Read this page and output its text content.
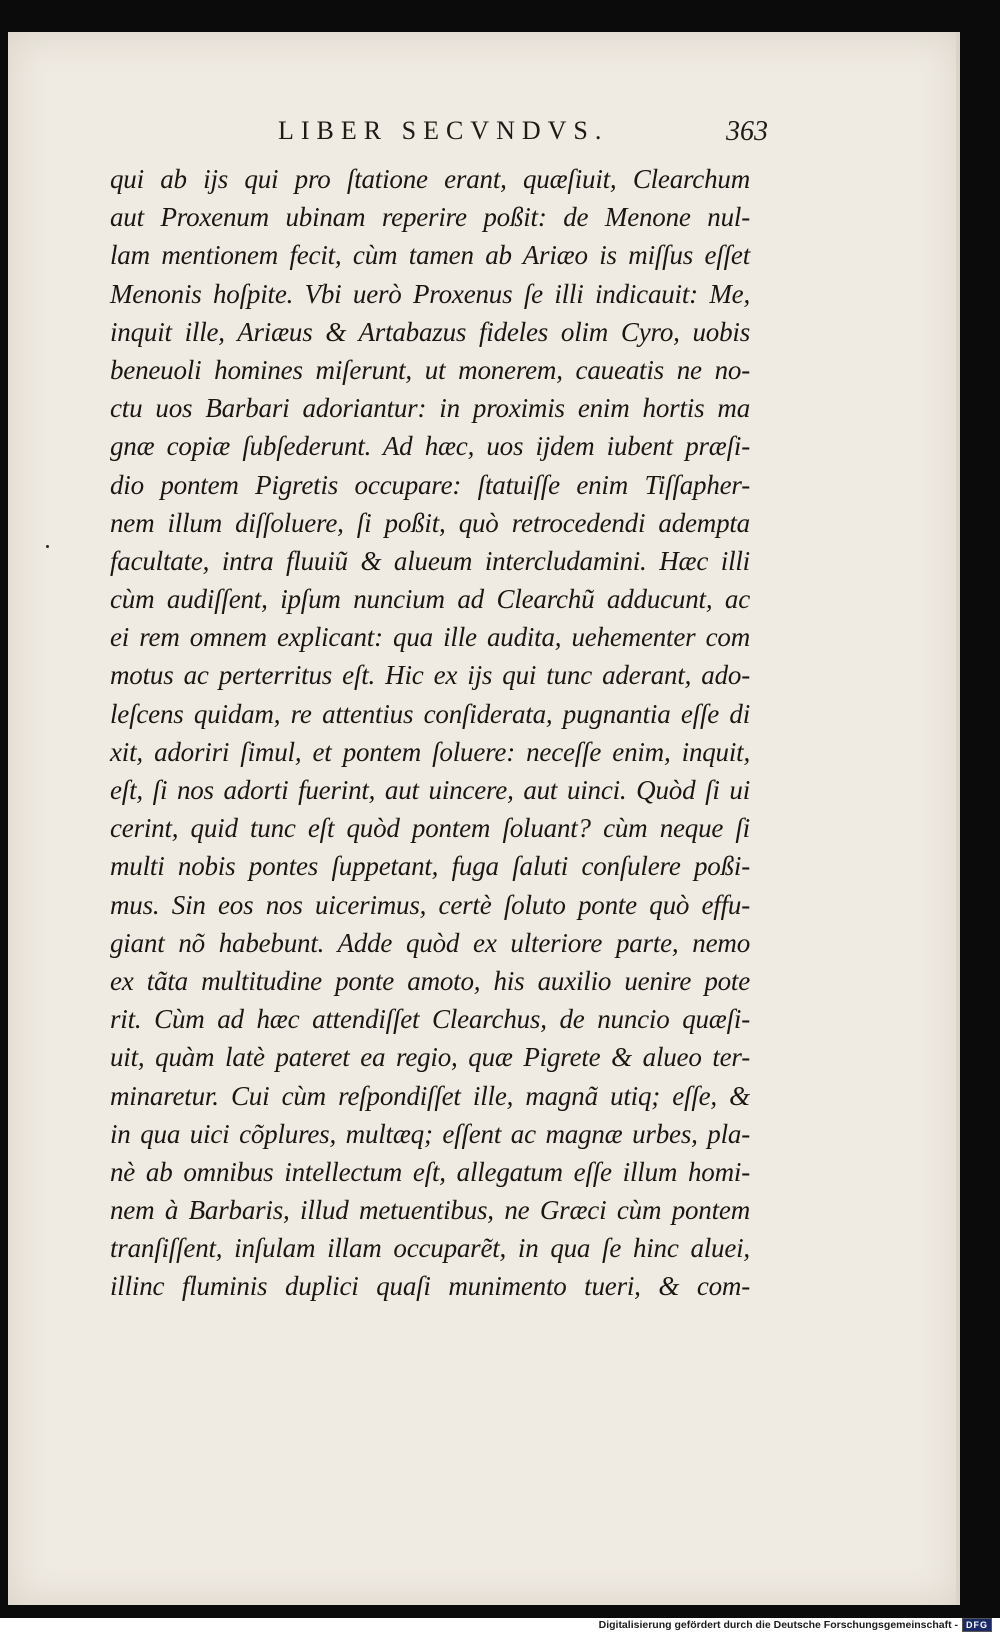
LIBER SECVNDVS.	363
qui ab ijs qui pro ſtatione erant, quæſiuit, Clearchum
aut Proxenum ubinam reperire poßit: de Menone nul-
lam mentionem fecit, cùm tamen ab Ariæo is miſſus eſſet
Menonis hoſpite. Vbi uerò Proxenus ſe illi indicauit: Me,
inquit ille, Ariæus & Artabazus fideles olim Cyro, uobis
beneuoli homines miſerunt, ut monerem, caueatis ne no-
ctu uos Barbari adoriantur: in proximis enim hortis ma
gnæ copiæ ſubſederunt. Ad hæc, uos ijdem iubent præſi-
dio pontem Pigretis occupare: ſtatuiſſe enim Tiſſapher-
nem illum diſſoluere, ſi poßit, quò retrocedendi adempta
facultate, intra fluuiũ & alueum intercludamini. Hæc illi
cùm audiſſent, ipſum nuncium ad Clearchũ adducunt, ac
ei rem omnem explicant: qua ille audita, uehementer com
motus ac perterritus eſt. Hic ex ijs qui tunc aderant, ado-
leſcens quidam, re attentius conſiderata, pugnantia eſſe di
xit, adoriri ſimul, et pontem ſoluere: neceſſe enim, inquit,
eſt, ſi nos adorti fuerint, aut uincere, aut uinci. Quòd ſi ui
cerint, quid tunc eſt quòd pontem ſoluant? cùm neque ſi
multi nobis pontes ſuppetant, fuga ſaluti conſulere poßi-
mus. Sin eos nos uicerimus, certè ſoluto ponte quò effu-
giant nõ habebunt. Adde quòd ex ulteriore parte, nemo
ex tãta multitudine ponte amoto, his auxilio uenire pote
rit. Cùm ad hæc attendiſſet Clearchus, de nuncio quæſi-
uit, quàm latè pateret ea regio, quæ Pigrete & alueo ter-
minaretur. Cui cùm reſpondiſſet ille, magnã utiq; eſſe, &
in qua uici cõplures, multæq; eſſent ac magnæ urbes, pla-
nè ab omnibus intellectum eſt, allegatum eſſe illum homi-
nem à Barbaris, illud metuentibus, ne Græci cùm pontem
tranſiſſent, inſulam illam occuparẽt, in qua ſe hinc aluei,
illinc fluminis duplici quaſi munimento tueri, & com-
Digitalisierung gefördert durch die Deutsche Forschungsgemeinschaft - DFG
